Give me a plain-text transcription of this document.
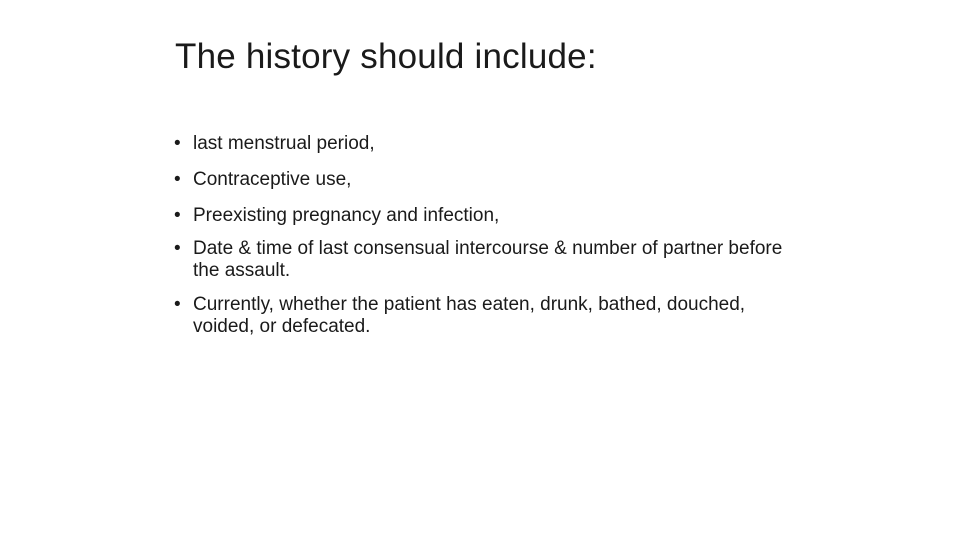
The history should include:
• last menstrual period,
• Contraceptive use,
• Preexisting pregnancy and infection,
• Date & time of last consensual intercourse & number of partner before the assault.
• Currently, whether the patient has eaten, drunk, bathed, douched, voided, or defecated.
